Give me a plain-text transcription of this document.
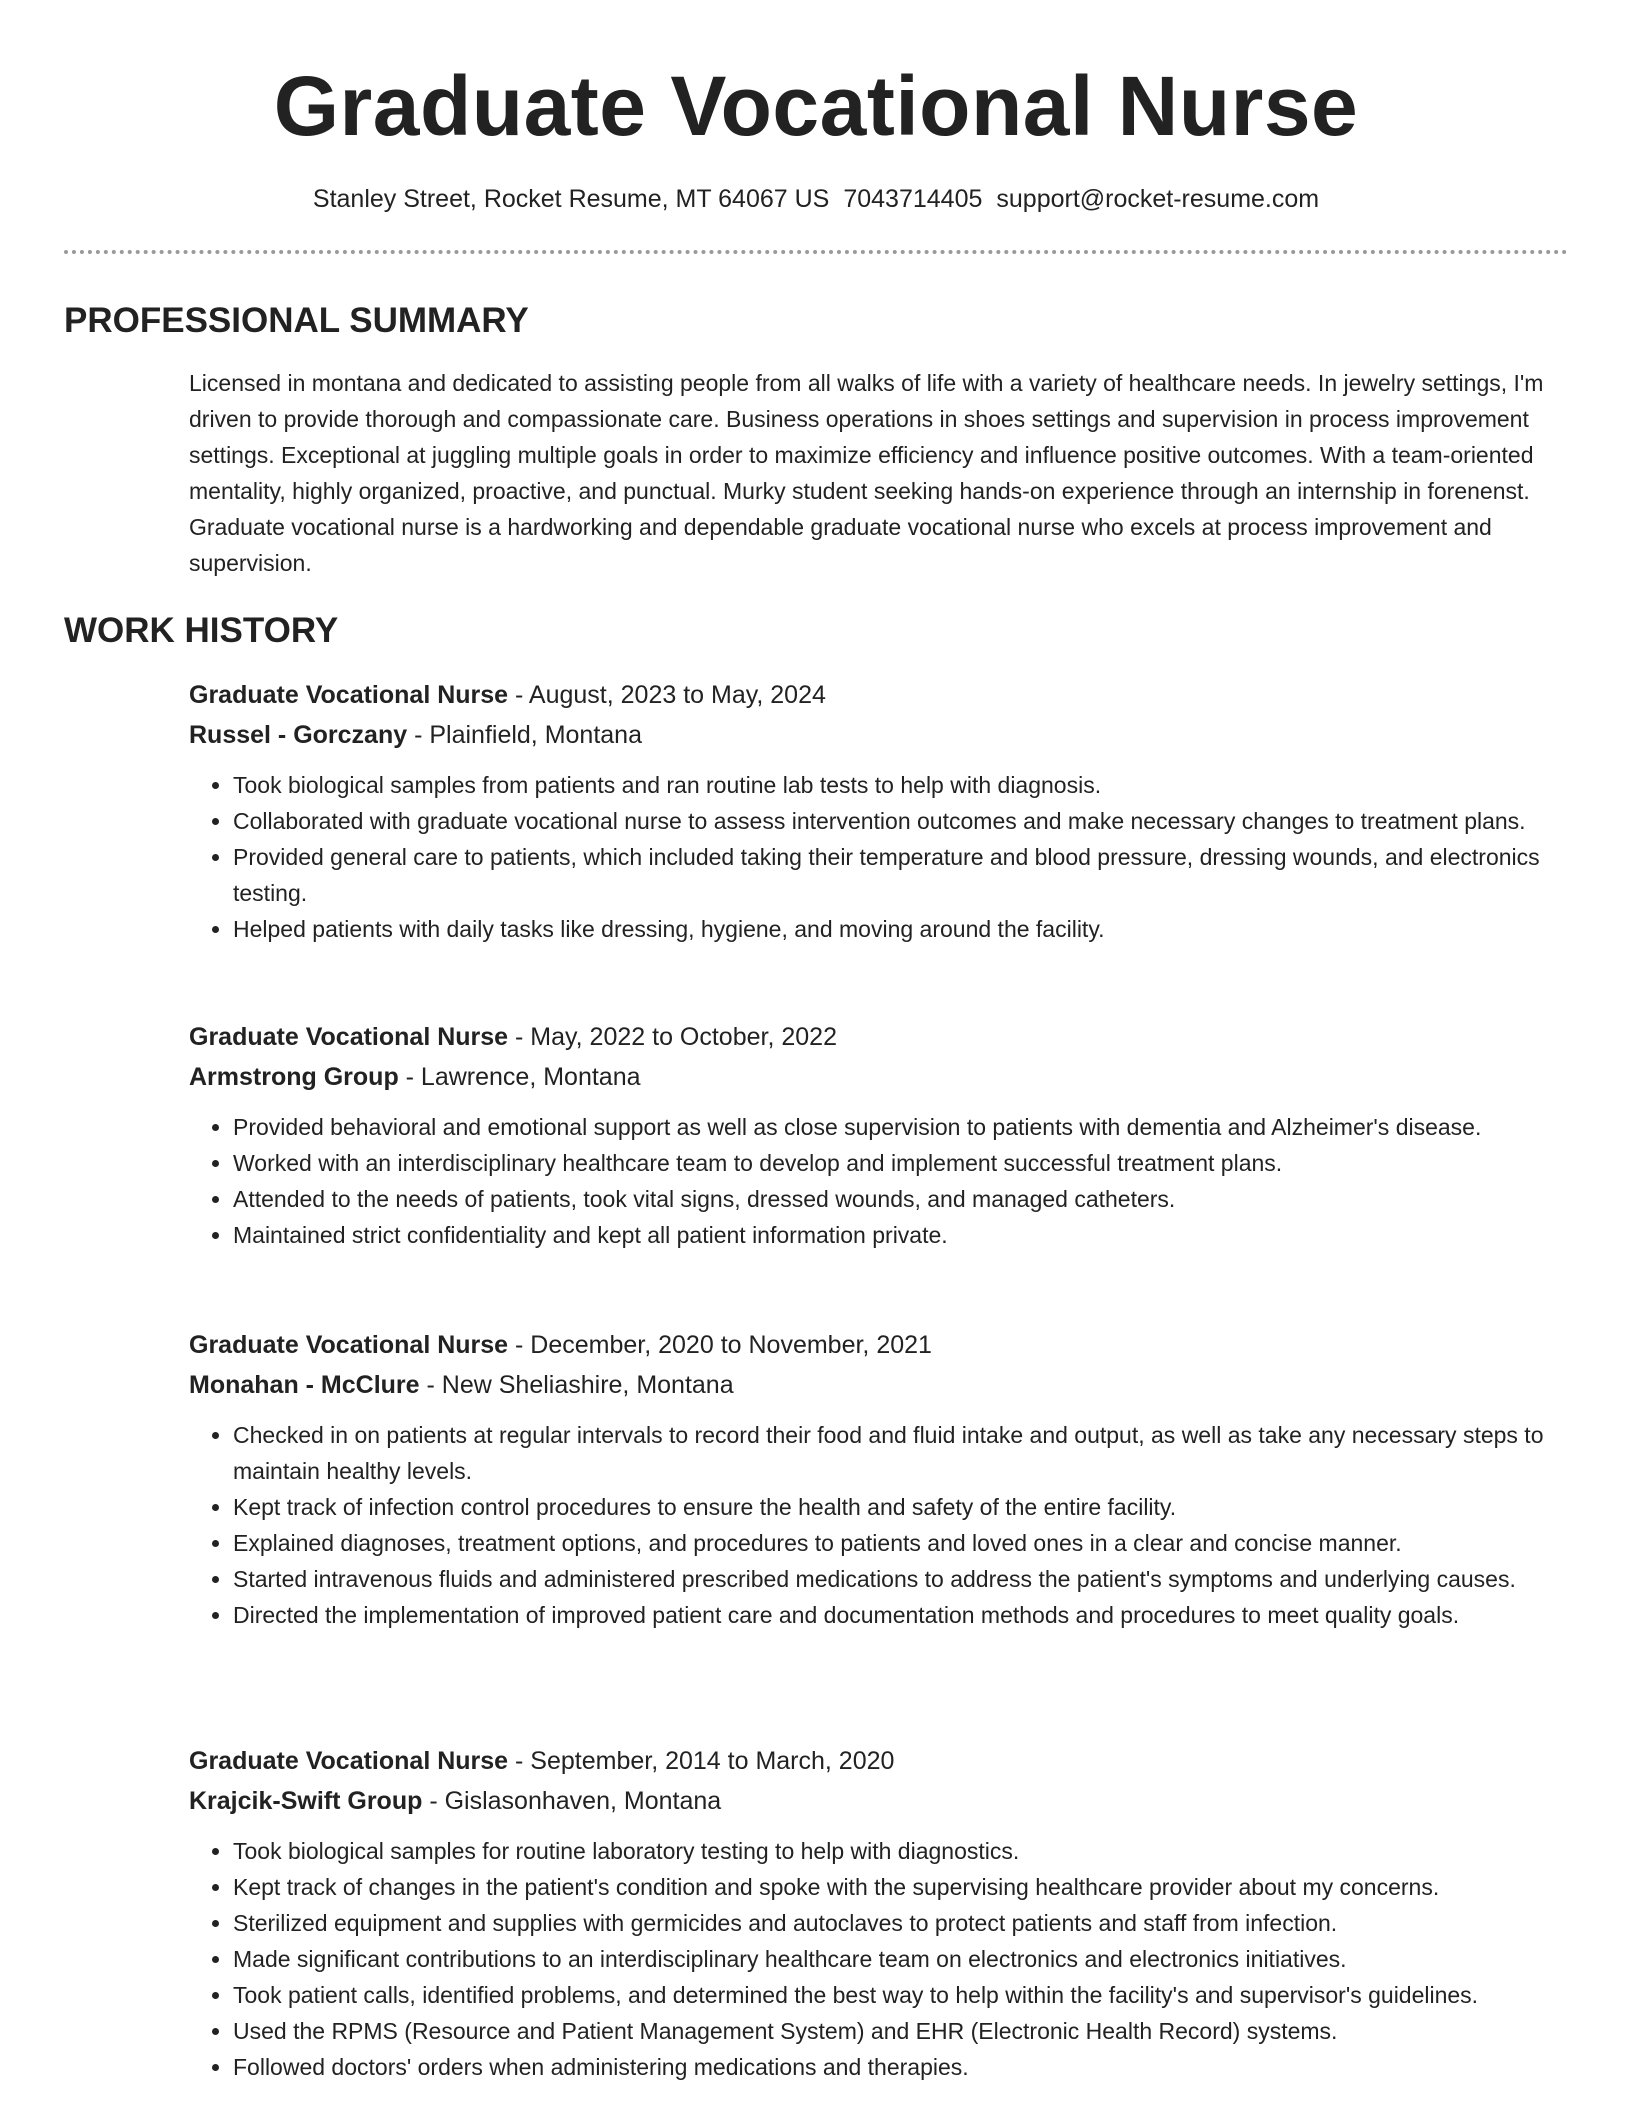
Graduate Vocational Nurse
Stanley Street, Rocket Resume, MT 64067 US 7043714405 support@rocket-resume.com
PROFESSIONAL SUMMARY
Licensed in montana and dedicated to assisting people from all walks of life with a variety of healthcare needs. In jewelry settings, I'm driven to provide thorough and compassionate care. Business operations in shoes settings and supervision in process improvement settings. Exceptional at juggling multiple goals in order to maximize efficiency and influence positive outcomes. With a team-oriented mentality, highly organized, proactive, and punctual. Murky student seeking hands-on experience through an internship in forenenst. Graduate vocational nurse is a hardworking and dependable graduate vocational nurse who excels at process improvement and supervision.
WORK HISTORY
Graduate Vocational Nurse - August, 2023 to May, 2024
Russel - Gorczany - Plainfield, Montana
• Took biological samples from patients and ran routine lab tests to help with diagnosis.
• Collaborated with graduate vocational nurse to assess intervention outcomes and make necessary changes to treatment plans.
• Provided general care to patients, which included taking their temperature and blood pressure, dressing wounds, and electronics testing.
• Helped patients with daily tasks like dressing, hygiene, and moving around the facility.
Graduate Vocational Nurse - May, 2022 to October, 2022
Armstrong Group - Lawrence, Montana
• Provided behavioral and emotional support as well as close supervision to patients with dementia and Alzheimer's disease.
• Worked with an interdisciplinary healthcare team to develop and implement successful treatment plans.
• Attended to the needs of patients, took vital signs, dressed wounds, and managed catheters.
• Maintained strict confidentiality and kept all patient information private.
Graduate Vocational Nurse - December, 2020 to November, 2021
Monahan - McClure - New Sheliashire, Montana
• Checked in on patients at regular intervals to record their food and fluid intake and output, as well as take any necessary steps to maintain healthy levels.
• Kept track of infection control procedures to ensure the health and safety of the entire facility.
• Explained diagnoses, treatment options, and procedures to patients and loved ones in a clear and concise manner.
• Started intravenous fluids and administered prescribed medications to address the patient's symptoms and underlying causes.
• Directed the implementation of improved patient care and documentation methods and procedures to meet quality goals.
Graduate Vocational Nurse - September, 2014 to March, 2020
Krajcik-Swift Group - Gislasonhaven, Montana
• Took biological samples for routine laboratory testing to help with diagnostics.
• Kept track of changes in the patient's condition and spoke with the supervising healthcare provider about my concerns.
• Sterilized equipment and supplies with germicides and autoclaves to protect patients and staff from infection.
• Made significant contributions to an interdisciplinary healthcare team on electronics and electronics initiatives.
• Took patient calls, identified problems, and determined the best way to help within the facility's and supervisor's guidelines.
• Used the RPMS (Resource and Patient Management System) and EHR (Electronic Health Record) systems.
• Followed doctors' orders when administering medications and therapies.
